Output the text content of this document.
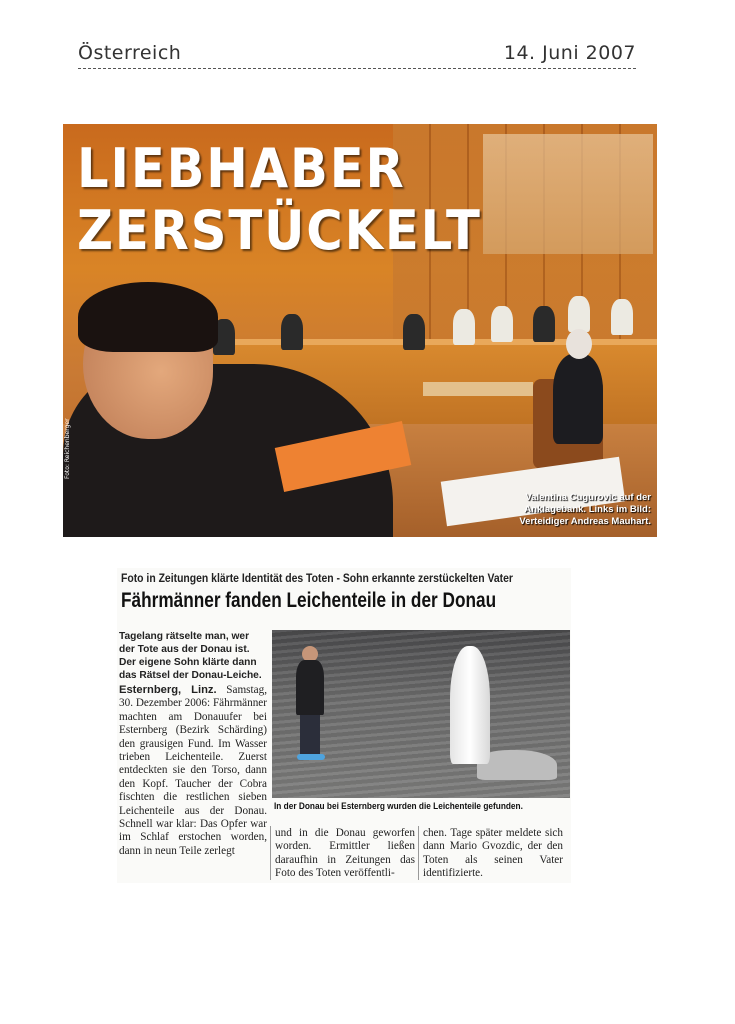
Österreich	14. Juni 2007
LIEBHABER
ZERSTÜCKELT
Foto: Reichenberger
Valentina Cugurovic auf der
Anklagebank. Links im Bild:
Verteidiger Andreas Mauhart.

Foto in Zeitungen klärte Identität des Toten - Sohn erkannte zerstückelten Vater

Fährmänner fanden Leichenteile in der Donau

Tagelang rätselte man, wer der Tote aus der Donau ist. Der eigene Sohn klärte dann das Rätsel der Donau-Leiche.

Esternberg, Linz. Samstag, 30. Dezember 2006: Fährmänner machten am Donauufer bei Esternberg (Bezirk Schärding) den grausigen Fund. Im Wasser trieben Leichenteile. Zuerst entdeckten sie den Torso, dann den Kopf. Taucher der Cobra fischten die restlichen sieben Leichenteile aus der Donau. Schnell war klar: Das Opfer war im Schlaf erstochen worden, dann in neun Teile zerlegt

In der Donau bei Esternberg wurden die Leichenteile gefunden.

und in die Donau geworfen worden. Ermittler ließen daraufhin in Zeitungen das Foto des Toten veröffentli-

chen. Tage später meldete sich dann Mario Gvozdic, der den Toten als seinen Vater identifizierte.
